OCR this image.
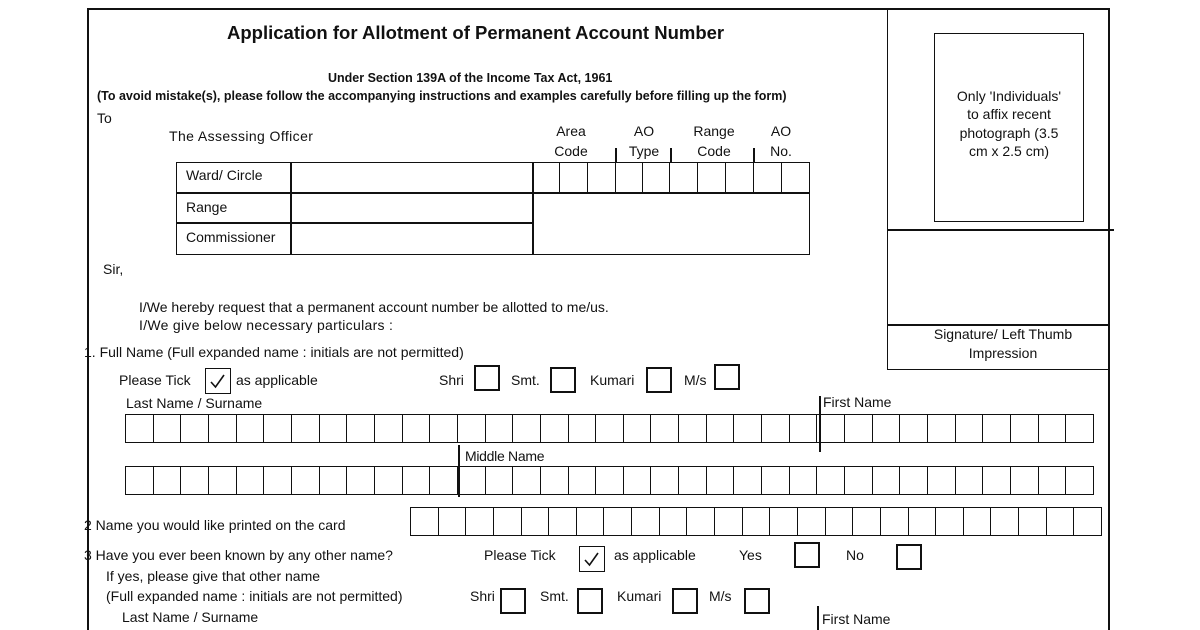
Only 'Individuals'
to affix recent
photograph (3.5
cm x 2.5 cm)
Signature/ Left Thumb
Impression
Application for Allotment of Permanent Account Number
Under Section 139A of the Income Tax Act, 1961
(To avoid mistake(s), please follow the accompanying instructions and examples carefully before filling up the form)
To
The Assessing Officer	Area
Code
AO
Type
Range
Code
AO
No.
Ward/ Circle
Range
Commissioner
Sir,
I/We hereby request that a permanent account number be allotted to me/us.
I/We give below necessary particulars :
1. Full Name (Full expanded name : initials are not permitted)
Please Tick	as applicable	Shri	Smt.	Kumari	M/s
Last Name / Surname	First Name
Middle Name
2 Name you would like printed on the card
3 Have you ever been known by any other name?	Please Tick	as applicable	Yes	No
If yes, please give that other name
(Full expanded name : initials are not permitted)	Shri	Smt.	Kumari	M/s
Last Name / Surname	First Name
